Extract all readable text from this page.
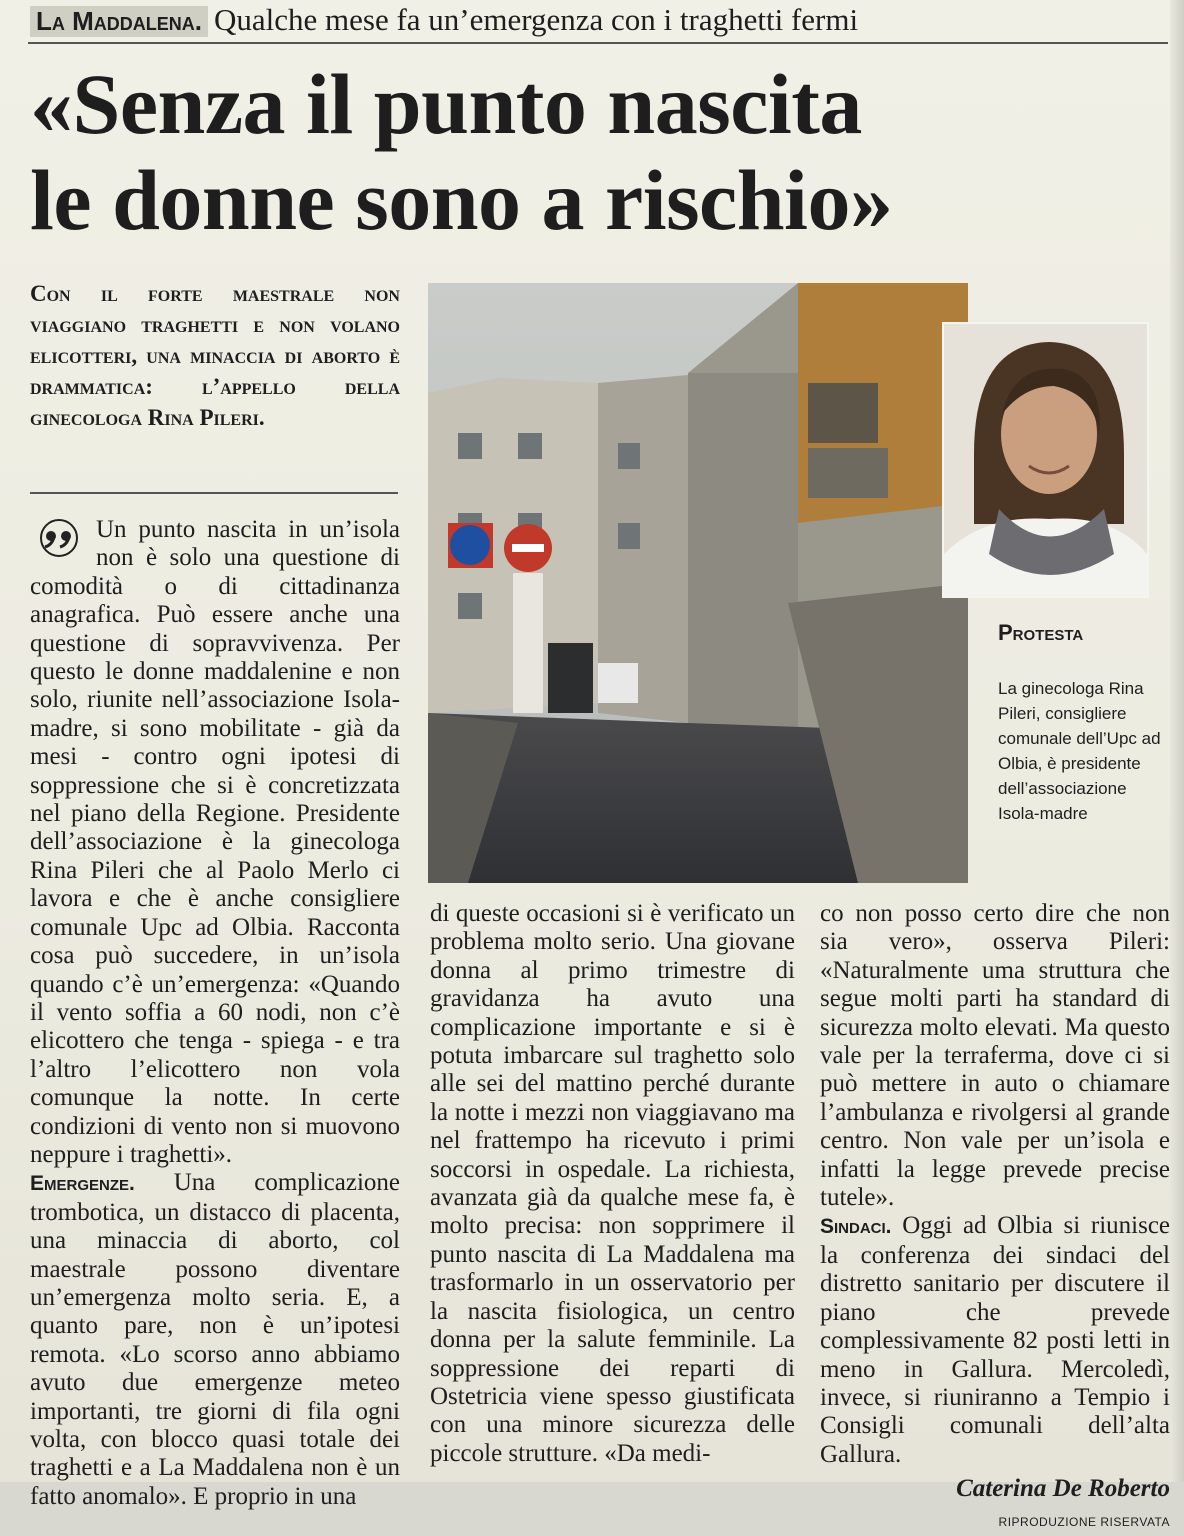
La Maddalena. Qualche mese fa un’emergenza con i traghetti fermi
«Senza il punto nascita
le donne sono a rischio»
Con il forte maestrale non viaggiano traghetti e non volano elicotteri, una minaccia di aborto è drammatica: l’appello della ginecologa Rina Pileri.

Un punto nascita in un’isola non è solo una questione di comodità o di cittadinanza anagrafica. Può essere anche una questione di sopravvivenza. Per questo le donne maddalenine e non solo, riunite nell’associazione Isola-madre, si sono mobilitate - già da mesi - contro ogni ipotesi di soppressione che si è concretizzata nel piano della Regione. Presidente dell’associazione è la ginecologa Rina Pileri che al Paolo Merlo ci lavora e che è anche consigliere comunale Upc ad Olbia. Racconta cosa può succedere, in un’isola quando c’è un’emergenza: «Quando il vento soffia a 60 nodi, non c’è elicottero che tenga - spiega - e tra l’altro l’elicottero non vola comunque la notte. In certe condizioni di vento non si muovono neppure i traghetti».

Emergenze. Una complicazione trombotica, un distacco di placenta, una minaccia di aborto, col maestrale possono diventare un’emergenza molto seria. E, a quanto pare, non è un’ipotesi remota. «Lo scorso anno abbiamo avuto due emergenze meteo importanti, tre giorni di fila ogni volta, con blocco quasi totale dei traghetti e a La Maddalena non è un fatto anomalo». E proprio in una

Protesta
La ginecologa Rina Pileri, consigliere comunale dell’Upc ad Olbia, è presidente dell’associazione Isola-madre

di queste occasioni si è verificato un problema molto serio. Una giovane donna al primo trimestre di gravidanza ha avuto una complicazione importante e si è potuta imbarcare sul traghetto solo alle sei del mattino perché durante la notte i mezzi non viaggiavano ma nel frattempo ha ricevuto i primi soccorsi in ospedale. La richiesta, avanzata già da qualche mese fa, è molto precisa: non sopprimere il punto nascita di La Maddalena ma trasformarlo in un osservatorio per la nascita fisiologica, un centro donna per la salute femminile. La soppressione dei reparti di Ostetricia viene spesso giustificata con una minore sicurezza delle piccole strutture. «Da medi-

co non posso certo dire che non sia vero», osserva Pileri: «Naturalmente uma struttura che segue molti parti ha standard di sicurezza molto elevati. Ma questo vale per la terraferma, dove ci si può mettere in auto o chiamare l’ambulanza e rivolgersi al grande centro. Non vale per un’isola e infatti la legge prevede precise tutele».

Sindaci. Oggi ad Olbia si riunisce la conferenza dei sindaci del distretto sanitario per discutere il piano che prevede complessivamente 82 posti letti in meno in Gallura. Mercoledì, invece, si riuniranno a Tempio i Consigli comunali dell’alta Gallura.

Caterina De Roberto
RIPRODUZIONE RISERVATA
